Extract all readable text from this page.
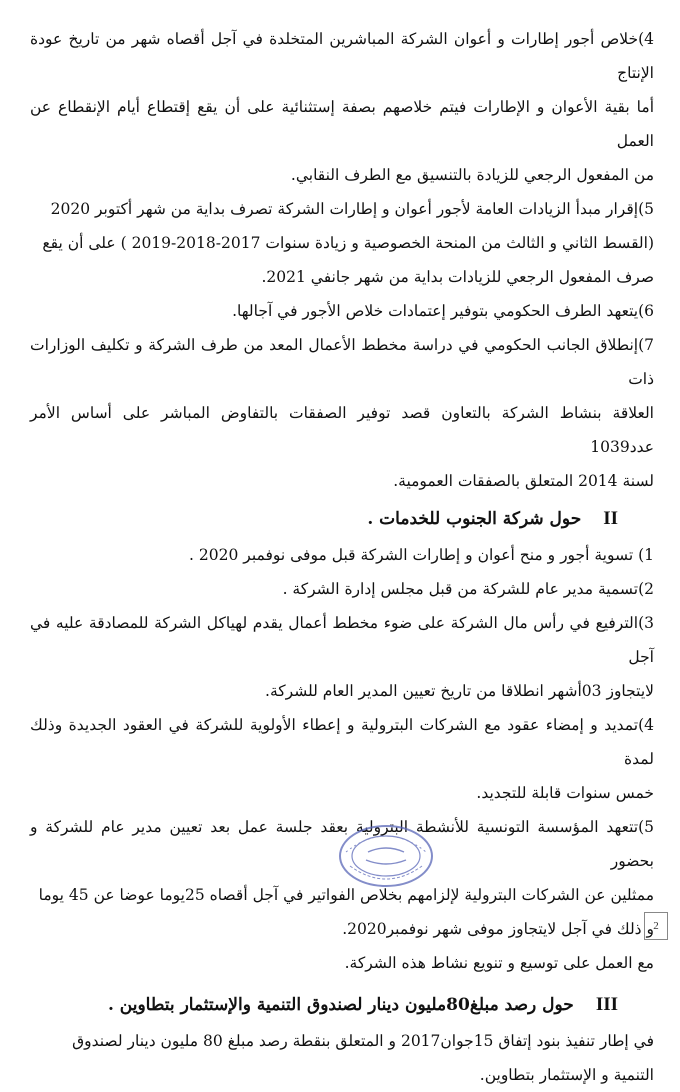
4)خلاص أجور إطارات و أعوان الشركة المباشرين المتخلدة في آجل أقصاه شهر من تاريخ عودة الإنتاج

أما بقية الأعوان و الإطارات فيتم خلاصهم بصفة إستثنائية على أن يقع إقتطاع أيام الإنقطاع عن العمل

من المفعول الرجعي للزيادة بالتنسيق مع الطرف النقابي.

5)إقرار مبدأ الزيادات العامة لأجور أعوان و إطارات الشركة تصرف بداية من شهر أكتوبر 2020

(القسط الثاني و الثالث من المنحة الخصوصية و زيادة سنوات 2017-2018-2019 ) على أن يقع

صرف المفعول الرجعي للزيادات بداية من شهر جانفي 2021.

6)يتعهد الطرف الحكومي بتوفير إعتمادات خلاص الأجور في آجالها.

7)إنطلاق الجانب الحكومي في دراسة مخطط الأعمال المعد من طرف الشركة و تكليف الوزارات ذات

العلاقة بنشاط الشركة بالتعاون قصد توفير الصفقات بالتفاوض المباشر على أساس الأمر عدد1039

لسنة 2014 المتعلق بالصفقات العمومية.

II
حول شركة الجنوب للخدمات .

1) تسوية أجور و منح أعوان و إطارات الشركة قبل موفى نوفمبر 2020 .

2)تسمية مدير عام للشركة من قبل مجلس إدارة الشركة .

3)الترفيع في رأس مال الشركة على ضوء مخطط أعمال يقدم لهياكل الشركة للمصادقة عليه في آجل

لايتجاوز 03أشهر انطلاقا من تاريخ تعيين المدير العام للشركة.

4)تمديد و إمضاء عقود مع الشركات البترولية و إعطاء الأولوية للشركة في العقود الجديدة وذلك لمدة

خمس سنوات قابلة للتجديد.

5)تتعهد المؤسسة التونسية للأنشطة البترولية بعقد جلسة عمل بعد تعيين مدير عام للشركة و بحضور

ممثلين عن الشركات البترولية لإلزامهم بخلاص الفواتير في آجل أقصاه 25يوما عوضا عن 45 يوما

و ذلك في آجل لايتجاوز موفى شهر نوفمبر2020.

مع العمل على توسيع و تنويع نشاط هذه الشركة.

III
حول رصد مبلغ80مليون دينار لصندوق التنمية والإستثمار بتطاوين .

في إطار تنفيذ بنود إتفاق 15جوان2017 و المتعلق بنقطة رصد مبلغ 80 مليون دينار لصندوق

التنمية و الإستثمار بتطاوين.

2
